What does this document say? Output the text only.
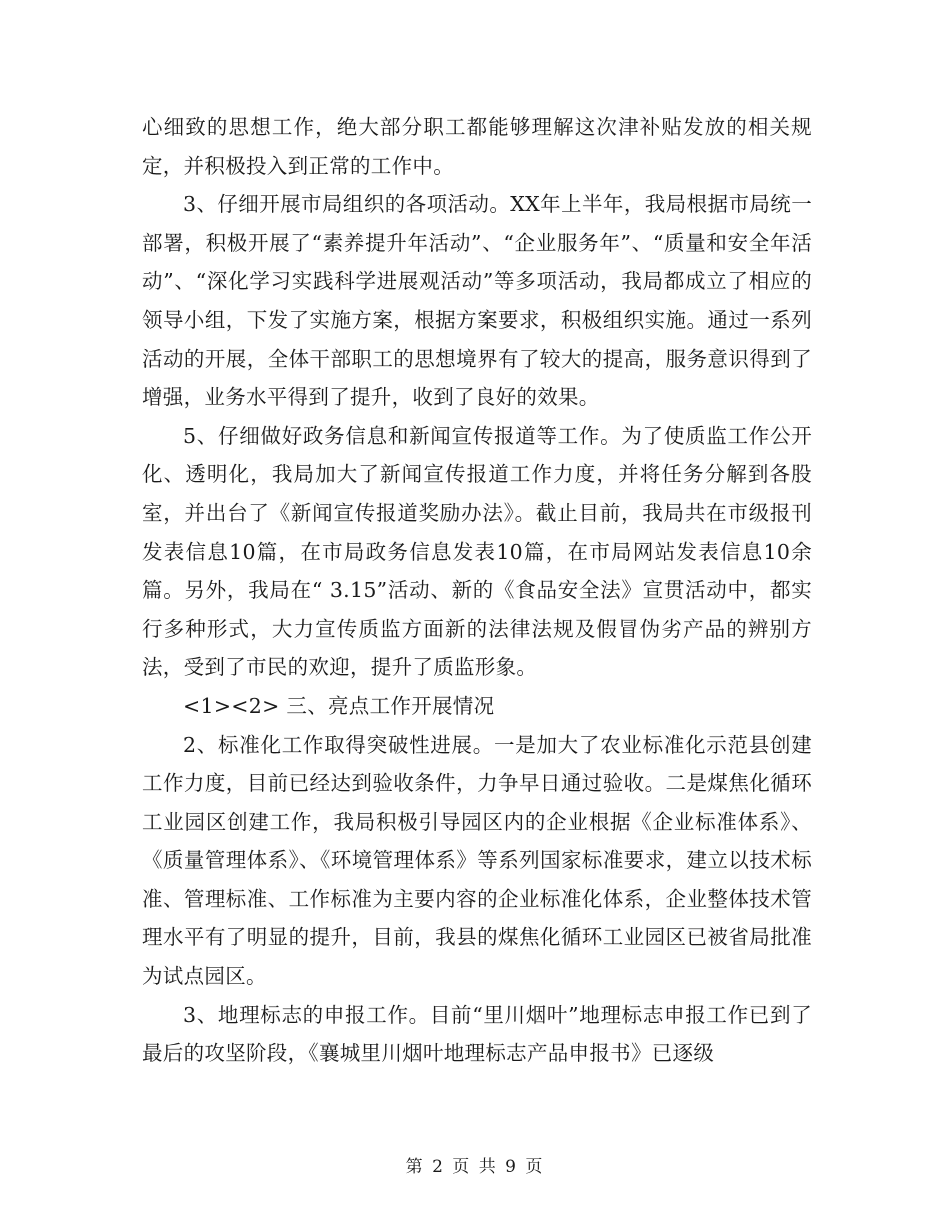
心细致的思想工作，绝大部分职工都能够理解这次津补贴发放的相关规定，并积极投入到正常的工作中。

3、仔细开展市局组织的各项活动。XX年上半年，我局根据市局统一部署，积极开展了“素养提升年活动”、“企业服务年”、“质量和安全年活动”、“深化学习实践科学进展观活动”等多项活动，我局都成立了相应的领导小组，下发了实施方案，根据方案要求，积极组织实施。通过一系列活动的开展，全体干部职工的思想境界有了较大的提高，服务意识得到了增强，业务水平得到了提升，收到了良好的效果。

5、仔细做好政务信息和新闻宣传报道等工作。为了使质监工作公开化、透明化，我局加大了新闻宣传报道工作力度，并将任务分解到各股室，并出台了《新闻宣传报道奖励办法》。截止目前，我局共在市级报刊发表信息10篇，在市局政务信息发表10篇，在市局网站发表信息10余篇。另外，我局在“ 3.15”活动、新的《食品安全法》宣贯活动中，都实行多种形式，大力宣传质监方面新的法律法规及假冒伪劣产品的辨别方法，受到了市民的欢迎，提升了质监形象。

<1><2> 三、亮点工作开展情况

2、标准化工作取得突破性进展。一是加大了农业标准化示范县创建工作力度，目前已经达到验收条件，力争早日通过验收。二是煤焦化循环工业园区创建工作，我局积极引导园区内的企业根据《企业标准体系》、《质量管理体系》、《环境管理体系》等系列国家标准要求，建立以技术标准、管理标准、工作标准为主要内容的企业标准化体系，企业整体技术管理水平有了明显的提升，目前，我县的煤焦化循环工业园区已被省局批准为试点园区。

3、地理标志的申报工作。目前“里川烟叶”地理标志申报工作已到了最后的攻坚阶段，《襄城里川烟叶地理标志产品申报书》已逐级

第 2 页 共 9 页
